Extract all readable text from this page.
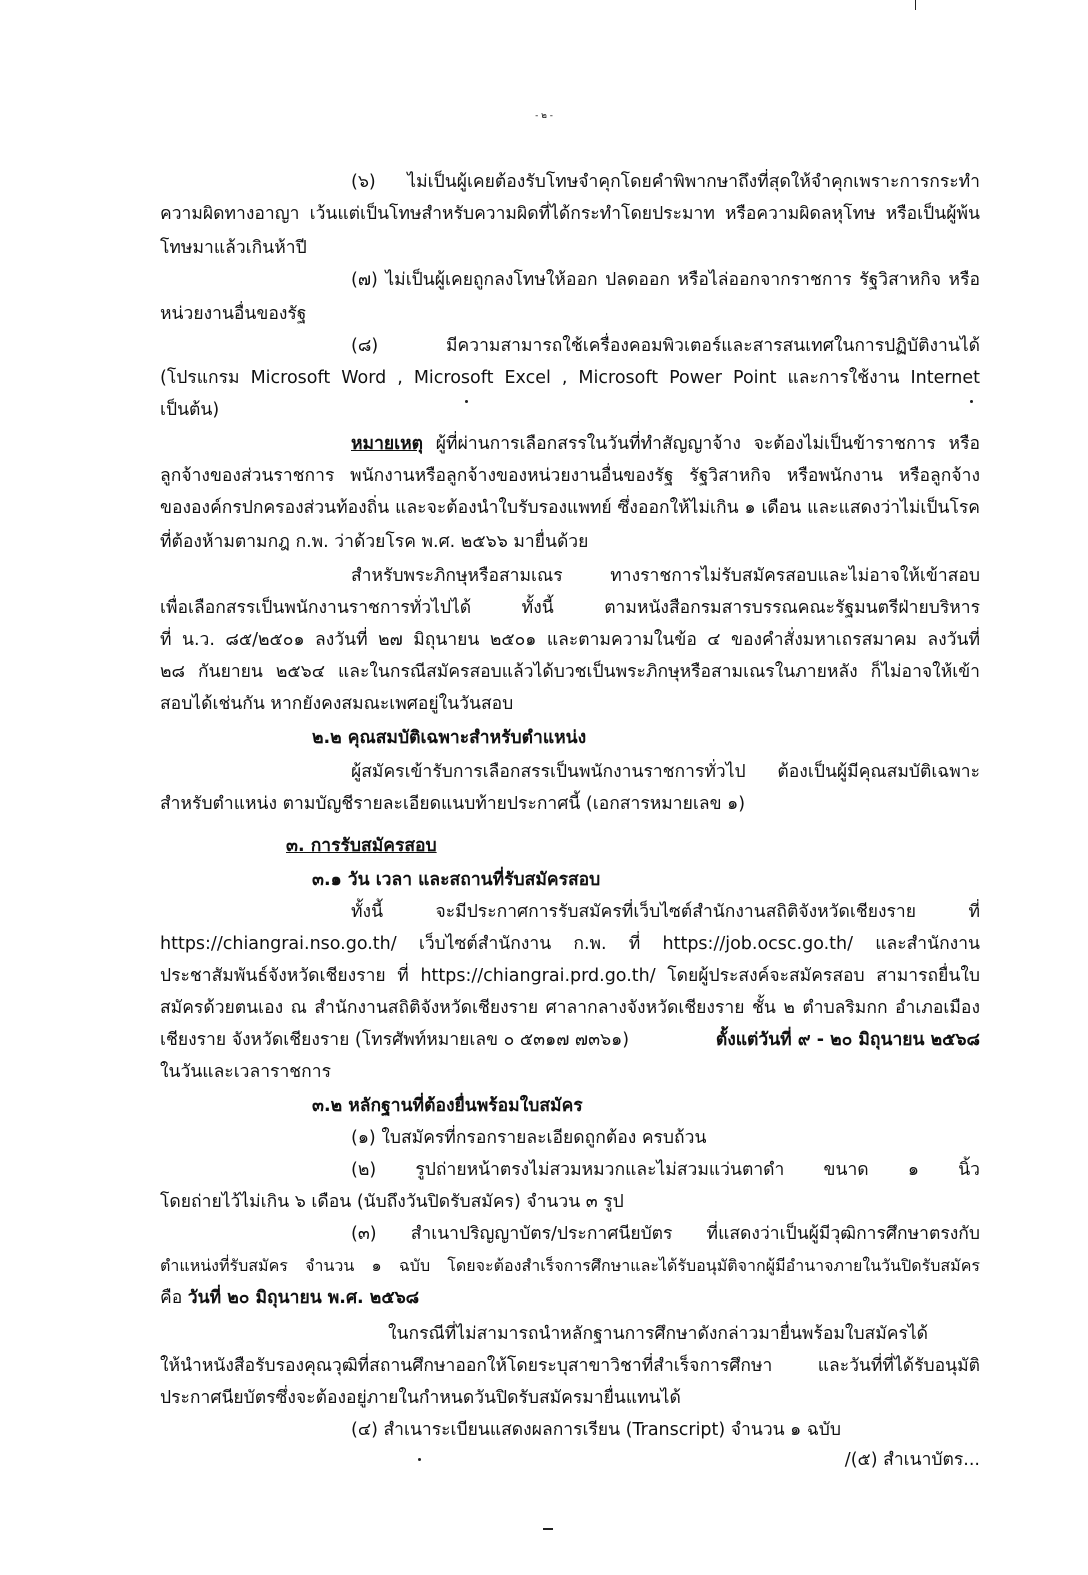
- ๒ -
(๖) ไม่เป็นผู้เคยต้องรับโทษจำคุกโดยคำพิพากษาถึงที่สุดให้จำคุกเพราะการกระทำ
ความผิดทางอาญา เว้นแต่เป็นโทษสำหรับความผิดที่ได้กระทำโดยประมาท หรือความผิดลหุโทษ หรือเป็นผู้พ้น
โทษมาแล้วเกินห้าปี
(๗) ไม่เป็นผู้เคยถูกลงโทษให้ออก ปลดออก หรือไล่ออกจากราชการ รัฐวิสาหกิจ หรือ
หน่วยงานอื่นของรัฐ
(๘) มีความสามารถใช้เครื่องคอมพิวเตอร์และสารสนเทศในการปฏิบัติงานได้
(โปรแกรม Microsoft Word , Microsoft Excel , Microsoft Power Point และการใช้งาน Internet
เป็นต้น)
หมายเหตุ ผู้ที่ผ่านการเลือกสรรในวันที่ทำสัญญาจ้าง จะต้องไม่เป็นข้าราชการ หรือ
ลูกจ้างของส่วนราชการ พนักงานหรือลูกจ้างของหน่วยงานอื่นของรัฐ รัฐวิสาหกิจ หรือพนักงาน หรือลูกจ้าง
ขององค์กรปกครองส่วนท้องถิ่น และจะต้องนำใบรับรองแพทย์ ซึ่งออกให้ไม่เกิน ๑ เดือน และแสดงว่าไม่เป็นโรค
ที่ต้องห้ามตามกฎ ก.พ. ว่าด้วยโรค พ.ศ. ๒๕๖๖ มายื่นด้วย
สำหรับพระภิกษุหรือสามเณร ทางราชการไม่รับสมัครสอบและไม่อาจให้เข้าสอบ
เพื่อเลือกสรรเป็นพนักงานราชการทั่วไปได้ ทั้งนี้ ตามหนังสือกรมสารบรรณคณะรัฐมนตรีฝ่ายบริหาร
ที่ น.ว. ๘๕/๒๕๐๑ ลงวันที่ ๒๗ มิถุนายน ๒๕๐๑ และตามความในข้อ ๔ ของคำสั่งมหาเถรสมาคม ลงวันที่
๒๘ กันยายน ๒๕๖๔ และในกรณีสมัครสอบแล้วได้บวชเป็นพระภิกษุหรือสามเณรในภายหลัง ก็ไม่อาจให้เข้า
สอบได้เช่นกัน หากยังคงสมณะเพศอยู่ในวันสอบ
๒.๒ คุณสมบัติเฉพาะสำหรับตำแหน่ง
ผู้สมัครเข้ารับการเลือกสรรเป็นพนักงานราชการทั่วไป ต้องเป็นผู้มีคุณสมบัติเฉพาะ
สำหรับตำแหน่ง ตามบัญชีรายละเอียดแนบท้ายประกาศนี้ (เอกสารหมายเลข ๑)
๓. การรับสมัครสอบ
๓.๑ วัน เวลา และสถานที่รับสมัครสอบ
ทั้งนี้ จะมีประกาศการรับสมัครที่เว็บไซต์สำนักงานสถิติจังหวัดเชียงราย ที่
https://chiangrai.nso.go.th/ เว็บไซต์สำนักงาน ก.พ. ที่ https://job.ocsc.go.th/ และสำนักงาน
ประชาสัมพันธ์จังหวัดเชียงราย ที่ https://chiangrai.prd.go.th/ โดยผู้ประสงค์จะสมัครสอบ สามารถยื่นใบ
สมัครด้วยตนเอง ณ สำนักงานสถิติจังหวัดเชียงราย ศาลากลางจังหวัดเชียงราย ชั้น ๒ ตำบลริมกก อำเภอเมือง
เชียงราย จังหวัดเชียงราย (โทรศัพท์หมายเลข ๐ ๕๓๑๗ ๗๓๖๑)	ตั้งแต่วันที่ ๙ - ๒๐ มิถุนายน ๒๕๖๘
ในวันและเวลาราชการ
๓.๒ หลักฐานที่ต้องยื่นพร้อมใบสมัคร
(๑) ใบสมัครที่กรอกรายละเอียดถูกต้อง ครบถ้วน
(๒) รูปถ่ายหน้าตรงไม่สวมหมวกและไม่สวมแว่นตาดำ ขนาด ๑ นิ้ว
โดยถ่ายไว้ไม่เกิน ๖ เดือน (นับถึงวันปิดรับสมัคร) จำนวน ๓ รูป
(๓) สำเนาปริญญาบัตร/ประกาศนียบัตร ที่แสดงว่าเป็นผู้มีวุฒิการศึกษาตรงกับ
ตำแหน่งที่รับสมัคร จำนวน ๑ ฉบับ โดยจะต้องสำเร็จการศึกษาและได้รับอนุมัติจากผู้มีอำนาจภายในวันปิดรับสมัคร
คือ วันที่ ๒๐ มิถุนายน พ.ศ. ๒๕๖๘
ในกรณีที่ไม่สามารถนำหลักฐานการศึกษาดังกล่าวมายื่นพร้อมใบสมัครได้
ให้นำหนังสือรับรองคุณวุฒิที่สถานศึกษาออกให้โดยระบุสาขาวิชาที่สำเร็จการศึกษา และวันที่ที่ได้รับอนุมัติ
ประกาศนียบัตรซึ่งจะต้องอยู่ภายในกำหนดวันปิดรับสมัครมายื่นแทนได้
(๔) สำเนาระเบียนแสดงผลการเรียน (Transcript) จำนวน ๑ ฉบับ
/(๕) สำเนาบัตร...
